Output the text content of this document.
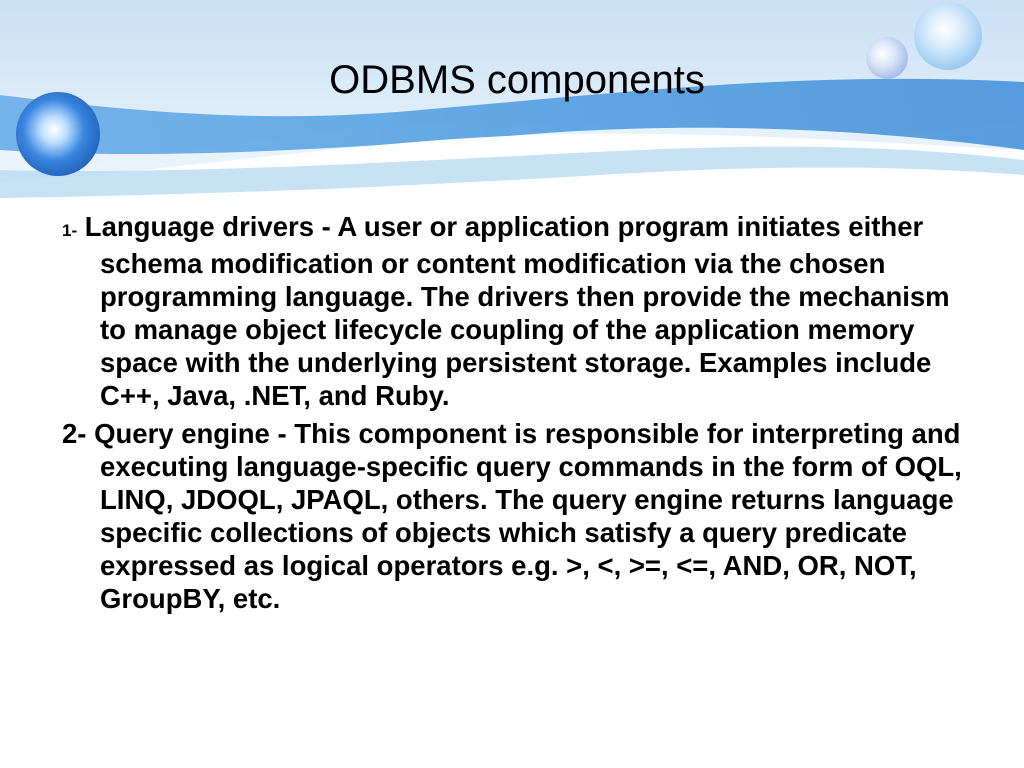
ODBMS components

1- Language drivers - A user or application program initiates either schema modification or content modification via the chosen programming language. The drivers then provide the mechanism to manage object lifecycle coupling of the application memory space with the underlying persistent storage. Examples include C++, Java, .NET, and Ruby.

2- Query engine - This component is responsible for interpreting and executing language-specific query commands in the form of OQL, LINQ, JDOQL, JPAQL, others. The query engine returns language specific collections of objects which satisfy a query predicate expressed as logical operators e.g. >, <, >=, <=, AND, OR, NOT, GroupBY, etc.
